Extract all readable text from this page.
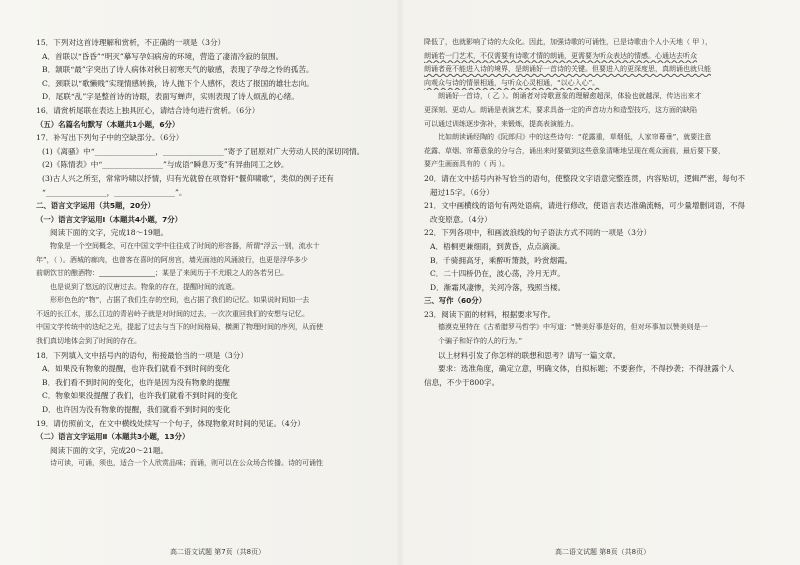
15．下列对这首诗理解和赏析，不正确的一项是（3分）
A．首联以“昏昏”“明灭”摹写孕妇病房的环境，营造了凄清冷寂的氛围。
B．颔联“最”字突出了诗人病体对秋日初寒天气的敏感，表现了孕母之怜的孤苦。
C．颈联以“歌懒贱”实现情感转换，诗人抛下个人感怀，表达了报国的雄壮志向。
D．尾联“乱”字是整首诗的诗眼，表面写蝉声，实则表现了诗人烦乱的心绪。
16．请赏析尾联在表达上独具匠心，请结合诗句进行赏析。（6分）
（五）名篇名句默写（本题共1小题，6分）
17．补写出下列句子中的空缺部分。（6分）
(1)《离骚》中“________________，________________”寄予了屈原对广大劳动人民的深切同情。
(2)《陈情表》中“________________”与成语“瞬息万变”有异曲同工之妙。
(3)古人兴之所至，常常吟啸以抒情，归有光就曾在项脊轩“偃仰啸歌”，类似的例子还有
“________________，________________”。
二、语言文字运用（共5题，20分）
（一）语言文字运用Ⅰ（本题共4小题，7分）
阅读下面的文字，完成18～19题。
物象是一个空间概念，可在中国文学中往往成了时间的形容器，所谓“浮云一别，流水十
年”，（ ）。酒城的廊肉，也曾客在喜时的阿房宫，墙光面池的风涌波行，也更是浮华多少
前朝饮甘的酿酒物：________________；某是了来阅历于不尤眼之人的各若另巳。
也是说到了悠远的汉唐过去。物象的存在，提醒时间的流逝。
形形色色的“物”，占据了我们生存的空间，也占据了我们的记忆。如果说时间如一去
不返的长江水，那么江边的青岩岭子就是对时间的过去，一次次重回我们的安想与记忆。
中国文学传统中的迭纪之光，提起了过去与当下的时间格局，横溯了物理时间的序列，从而使
我们真切地体会到了时间的存在。
18．下列填入文中括号内的语句，衔接最恰当的一项是（3分）
A．如果没有物象的提醒，也许我们就看不到时间的变化
B．我们看不到时间的变化，也许是因为没有物象的提醒
C．物象如果没提醒了我们，也许我们就看不到时间的变化
D．也许因为没有物象的提醒，我们就看不到时间的变化
19．请仿照前文，在文中横线处续写一个句子，体现物象对时间的见证。（4分）
（二）语言文字运用Ⅱ（本题共3小题，13分）
阅读下面的文字，完成20～21题。
诗可读，可诵，须也，适合一个人欣赏品味；而诵，则可以在公众场合传播。诗的可诵性
降低了，也就影响了诗的大众化。因此，加强诗歌的可诵性，已是诗歌由个人小天地（ 甲 ），
朗诵若一门艺术，不仅需要有诗歌才情的朗诵，更需要为听众表达的情感。心通达去听众
朗诵者竟不能进入诗的境界，是朗诵好一首诗的关键。但要进入的更深度思，真朗诵也就只能
向观众与诗的情景相通，与听众心灵相通，“以心入心”。
朗诵好一首诗，（ 乙 ）。朗诵者对诗歌意象的理解愈超深，体验也就越深，传达出来才
更深刻、更动人。朗诵是表演艺术，要求具备一定的声音功力和造型技巧，这方面的缺陷
可以通过训练逐步弥补，来锻炼，提高表演能力。
比如朗读诵经陶的《阮郎归》中的这些诗句：“花露重，草烟低，人家帘幕垂”，就要注意
花露、草烟、帘幕意象的分与合，诵出来时要做到这些意象清晰地呈现在观众面前，最后要下要，
要产生画面具有的（ 丙 ）。
20．请在文中括号内补写恰当的语句，使整段文字语意完整连贯，内容贴切，逻辑严密，每句不
超过15字。（6分）
21．文中画横线的语句有两处语病，请进行修改，使语言表达准确流畅，可少量增删词语，不得
改变原意。（4分）
22．下列各项中，和画波浪线的句子语法方式不同的一项是（3分）
A．梧桐更兼细雨，到黄昏，点点滴滴。
B．千骑拥高牙，乘醉听箫鼓，吟赏烟霞。
C．二十四桥仍在，波心荡，冷月无声。
D．渐霜风凄惨，关河冷落，残照当楼。
三、写作（60分）
23．阅读下面的材料，根据要求写作。
德漠克里特在《古希腊罗马哲学》中写道：“赞美好事是好的，但对坏事加以赞美则是一
个骗子和好诈的人的行为。”
以上材料引发了你怎样的联想和思考？请写一篇文章。
要求：选准角度，确定立意，明确文体，自拟标题；不要套作，不得抄袭；不得泄露个人
信息，不少于800字。
高二语文试题 第7页（共8页）	高二语文试题 第8页（共8页）
